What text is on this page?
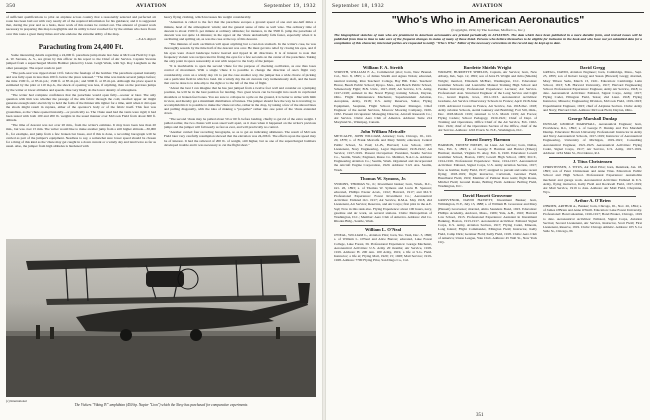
350	AVIATION	September 19, 1932

of sufficient qualifications to pilot on airplane across country that a reasonably selected and perfected air route has been laid out with very nearly all of the required information for his guidance; and it is suggested that, during the year and as a basis, more work of this nature be carried out. The amount of ground work necessary in preparing this map is negligible and its utility is best vouched for by the airmen who have flown over this route a great many times and who endorse the extreme utility of the map.

—E.A.S. Report
Parachuting from 24,400 Ft.

Some interesting details regarding a 24,000 ft. parachute jump made last June at McCook Field by Capt. A. W. Stevens, A. S., are given by this officer in his report to the Chief of Air Service. Captain Stevens jumped from a supercharged Martin Bomber piloted by Lieut. Leigh Wade, with Sgt. Roy Langham as the other passenger. The report reads in part:

"The pack-seat was ripped about 10 ft. below the fuselage of the bomber. The parachute opened instantly and was fully open in less than 100 ft. below the place released." "The time was inside several jumps before; the time 1500 ft., at 85 m.p.h.; 1500 ft. at 85 m.p.h.; and 5000 ft. at 95 m.p.h. Although the place speed is estimated by the pilot at 110 m.p.h., the shock of opening was less, if anything, than on the previous jumps by the writer at lower altitudes and speeds. One very likely do the lower density of atmosphere.

"The writer had complete confidence that the parachute would open fully—sooner or later. The only question with him was whether the passage of the silk fabric through the cold, rarefied upper air might generate enough static electricity to hold the folds of the thinner silk tighter for a time, until when it did open the shock might result in rupture, either of the operator's body or of the fabric itself. This fear was groundless, as the 'chute opened instantly—or practically so. The 'chute used had the vents were rigid; it had been tested with both 100 and 200 lb. weights in the usual manner over McCook Field from about 600 ft. altitude.

"The time of descent was not over 20 min., from the writer's estimate. It may have been less than 20 min., but was over 15 min. The writer would like to make another jump from a still higher altitude—30,000 ft., for example, and jump from a few broken bar bases, and if this is done, a recording barograph will be carried as part of the jumper's equipment. Needless to say, a somewhat sure lower speed should be chosen for a thing of this kind as the 'chute may get caught in a down current or a windy day and land twice as far as usual. Also, the jumper from high altitudes is burdened with

heavy flying clothing, which increases his weight considerably.

"Attention is called to the fact that the parachute escapes a ground speed of one and one-half miles a minute, head of the atmospheric winds; and the general sense of time as well wise. The ordinary time of descent is about 1500 ft. per minute at ordinary altitudes; for instance, in the 3500 ft. jump the parachute of descent was not quite 14 minutes; in the upper air the 'chute undoubtedly falls faster, especially when it is oscillating and spilling air, as was the case at the top of this descent.

"The minutes of such oscillation will upset anything but a cast-iron stomach. In the writer's case, he was thoroughly seasick by the time half of the descent was over. He must get into relief by closing his eyes, and if his eyes were closed landscape below heaved and tipped in all directions. It is of interest to note that frequency violent was reciprocated in fixing the eyes for a few seconds on the center of the parachute. Taking the only point in space reasonably at rest with respect to the body of the jumper.

"It is inadvisable to open the second 'chute for the purpose of checking oscillation, as one thus loses control of movement. With a single 'chute it is possible to change the direction of one's flight very considerably, even on a windy day. Or to put the case another way, the jumper has a wide choice of picking out a particular field in which to land. On a windy day the air currents vary tremendously aloft, and the heart that can be done is to side-slip to the right or to the left of the line of flight.

"About the best I can imagine that he has just jumped from a twelve foot wall and consider on a jumping position, he will be in the best position for landing. Two great levers can be brought into reach in captivated shoulders or broken feet bones. You are sure to collapse in a pile on the ground, it is better to strike with limb in view, and thereby get a maximum distribution of bruises. The jumper should face the way he is traveling; to accomplish this it is possible to make the 'chute revolve, rather in the drop, by taking a few of the shroud lines and pulling diagonally, with the idea of making a "propeller" rather into one point of the 'chute extended down.

"The second 'chute may be pulled about 50 or 60 ft. before landing, chiefly to get rid of the extra weight. I pulled earlier, the two chutes will soon steed well apart, as it does when it happened on the writer's previous jumps and the jumper will fall nearly as fast as ever, and will practically no control.

"Another carried four recording barographs, so as to get an indicating altimeters. The result of McCook Field later very carefully resumption showed that the elevation was 24,206 ft. The effects upon the speed may be of interest. It had the relieved of 200 lb. of weight, still higher, but as one of the supercharged bombers developed trouble and it was necessary to cut the flight short."

(c) International
The Vickers "Viking IV" amphibian (450 hp. Napier "Lion") which the Navy has purchased for comparative experiments
September 18, 1932	AVIATION
"Who's Who in American Aeronautics"
(Copyright, 1932, by The Gardner, Moffat Co., Inc.)
The biographical sketches of men who are prominent in American aeronautics are printed periodically in AVIATION. The data which have been published in a more durable form, and revised issues will be published from time to time to take care of the frequent changes in status of many of those listed. Persons who believe themselves to be eligible for inclusion in the book and who have not yet submitted data for a compilation of this character, interested parties are requested to notify "Who's Who" Editor of the necessary corrections in the record may be kept up to date.
William F. A. Streith

STREITH, WILLIAM F. A., Commercial pilot; born, New Brunsd. Cal., Nov. 8, 1895; s. of James Streith and Agnes Nolan; educated, nautical training, Rice Teachers' College, Bay Hill. Educ. Teachers' Honor, Beach Public School; Ryopo. Mex., and Beach Public School, Schenectady Fight; B.N. Univ., 1917-1918; Air Service, U.S. Army, 1917-1918; enlisted in the Naval Flying; training School, Dayton, Ohio. Flight Maintenance Mechanic, Superintendent Aviation, Aeroplane, Army, 1918; U.S. Army Reserves, Sailor, Flying Equipment, Seaplane, Flight School. Engineer Manager, Chief Engineer of the Aerial Services, Moscow Mooring Company, 1920-1932. Present Occupation: Managing Director, Aircraft Research Co.; Air Service. Clubs: Aero Club of America. Address: Suite 214 Maryland St., Winnipeg, Canada.

John William Metcalfe

METCALFE, JOHN WILLIAM, Attorney; born, Chicago, Ill., Oct. 20, 1878; s. of Frank Metcalfe and Mary Smith; educated, Central Public School, St. Paul; LL.B., Harvard; Law School, 1907; Lieutenant, Navy Engineering, Legal Department; 1918-1922; Air Service; 1917-1919. Present Occupation: President, Seattle Service Co., Seattle, Wash.; Engineer, Russo Co. Member, N.A.C.A. Address: Engineering Aviation Co.; Seattle, Wash. Organized and incorporated the Aircraft Engine Corporation, 1920. Address: 5121 Ave. Seattle, Wash.

Thomas W. Symons, Jr.

SYMONS, THOMAS W., Jr.; Investment banker; born, Wash., D.C., Oct. 26, 1893; s. of Thomas W. Symons and Lucia B. Spencer; educated, Phillips Exeter Acad., 1912; Harvard, 1917; and M.I.T. Professional Experience: Forest Investment Co.; Aeronautical Activities: Enlisted Oct. 1917; Air Service, R.M.A. May 1918, 2nd Lieutenant, Air Service; Reserves, and Air Corps; first pilot in the A.E. Sqd; Now in this rank also. Flying Experience: about 100 hours, navy, gasoline and air work, on several stations. Clubs: Metropolitan of Washington, D.C.; Member: Aero Club of America. Address: 2nd Co. Rhodes Bldg., Seattle, Wash.

William L. O'Neal

O'NEAL, WILLIAM L., Aviation Pilot; born, Ste. Vash, Dec. 3, 1890; s. of William L. O'Neal and Alice Barron; educated, Lake Forest College, Lake Forest, Ill. Professional Experience: Garage Mechanic, Aeronautical Activities: U.S. Army 20 months; Air Service, 1918-1919. Address: H. 200 Ave. 100 Army, 1919, a life at S.G. Field. Instructor; a life at; Flying Mail, 1920; 15; 1928; Mail Service; 1919-1928. Address: 7700 Flying Pilot, San Diego Co., Cal.

Burdette Shields Wright

WRIGHT, BURDETTE SHIELDS, Captain, Air Service; born, New Albany, Ind., Sept. 12, 1891; son of Jetra H. Wright and Julia (Shields) Wright; married, Elizabeth McBarr, Washington, D.C. Education: Grammar Schools and Louisville Manual Training High School and Purdue University. Professional Experience: Lecturer; Air Service. Professional: Asst. Structural Engineer of the Long Service and Light Co., Grand Rapids, Iowa, 1911-1913. Aeronautical Activities: Graduate, Air Service Observatory Schools in France; April 1918-June 1918. Advanced Course in France, Air Service, Jan. 1918-Dec. 1918; Army aviation Schools, Aerial Gunnery and Bombing; Fort Sill, Okla., Dec. 1918-March 1919; returned to U.S. March 1919; Air Forces; Flying Cadets; School Pedagogy, 1919-1921; Chief of Dept. of Training and Operations, Office Chief of the Air Service, Feb. 1922-Dec. 1924; chief of the Operations Section of the Office, chief of the Air Service. Address: 1216 Evarts St. N.E., Washington, D.C.

Ernest Emery Harmon

HARMON, ERNEST EMERY, 1st Lieut. Air Service; born, Dallas, Tex., Feb. 3, 1893; s. of George F. Harmon and Harriet (Emery) Harmon; married, Virginia W. Aley, Feb. 6, 1920. Education: Lowell Grammar School, Boston, 1905; Lowell High School, 1909; M.I.T., 1914-1916. Professional Experience: Tutor, 1914-1917. Aeronautical Activities: Enlisted, Signal Corps, U.S. Army Aviation Section, 1917; flew as bomber, Kelly Field, 1917; assigned to pursuit and some recent flying; 1918-1919; flight instructor, Carlstrom, Gerstner Field, Hazelhurst Field, 1919; Member of Pulitzer Race team; flight Route, Mitchel Field; Ground Route, Bolling Field. Address: Bolling Field, Washington, D.C.

David Hassett Grosvenor

GROSVENOR, DAVID HASSETT, Investment Banker; born, Wilmington, N.Y., July 13, 1888; s. of William H. Grosvenor and Mary (Hassett) Grosvenor; married, Alma Saunders Bond, 1923. Education: Phillips Academy, Andover, Mass., 1906; Yale, A.B., 1910; Harvard Law School, 1913. Professional Experience: Assistant in Investment Banking, Boston, 1913-1917. Aeronautical Activities: Enlisted Signal Corps, U.S. Army, Aviation Section, 1917; Flying Cadet, Mineola, Long Island; Flight Commander, Ellington Field; Instructor, Kelly Field, Camp Dick; Gerstner Field; Kelly Field, 1918. Clubs: Aero Club of America; Union League, Yale Club. Address: 45 Wall St., New York City.

David Gregg

GREGG, DAVID, Aviation Engineer; born, Cambridge, Mass., Sept. 25, 1895; son of Robert Gregg and Susan (Howard) Gregg; married, Mary Tillson Sedu, March 13, 1921. Education: Cambridge Latin School, 1913; S.B. Harvard University, 1917; Harvard Engineering School. Professional Experience: Engineer, Army Air Service, 1918; to date. Aeronautical Activities: Enlisted, Signal Corps, Army, 1917; Flying Cadet, Ellington Field, Texas; 2nd Lieut. 1918; Flying Instructor, Mineola; Engineering Division, McCook Field, 1919-1923; Experimental Engineer, 1923; chief of Airplane Section. Clubs: Army and Navy; Harvard Club. Address: McCook Field, Dayton, Ohio.

George Marshall Dunlap

DUNLAP, GEORGE MARSHALL, Aeronautical Engineer; born, Providence, R.I., 1892; s. of George F. Dunlap and Eva Marshall Dunlap. Education: Brown University. Professional: Instructor in Army and Navy Aeronautical Schools, 1917-1919; Instructor of Aeronautical Engineering, University of Michigan, 1919-1921; Consulting Aeronautical Engineer, 1921-1923. Aeronautical Activities: Flying Cadet, Signal Corps, 1917; Air Service, U.S. Army, 1917-1919. Address: 1234 Main St., Providence, R.I.

J. Titus Christensen

CHRISTENSEN, J. TITUS, Air Mail Pilot; born, Denmark, Jan. 18, 1893; son of Peter Christensen and Anne Titus. Education: Public School and High School. Professional Experience: Automobile mechanic and garage work. Aeronautical Activities: Enlisted in U.S. Army, flying instructor, Kelly Field and Rockwell Field, 1917-1919; Air Mail Service, 1919 to date. Address: Air Mail Field, Cheyenne, Wyo.

Arthur A. O'Brien

O'BRIEN, ARTHUR A., Banker; born, Chicago, Ill., Nov. 26, 1894; s. of James O'Brien and Anne O'Neill. Education: Lake Forest University. Professional: Bond salesman, 1916-1917; Bond Broker, Chicago, 1919 to date. Aeronautical Activities: Enlisted, Signal Corps, Aviation Section; Second Lieutenant, Air Service, Instructor, Scott Field; First Lieutenant, Reserve, 1919. Clubs: Chicago Athletic. Address: 105 S. La Salle St., Chicago, Ill.

351
